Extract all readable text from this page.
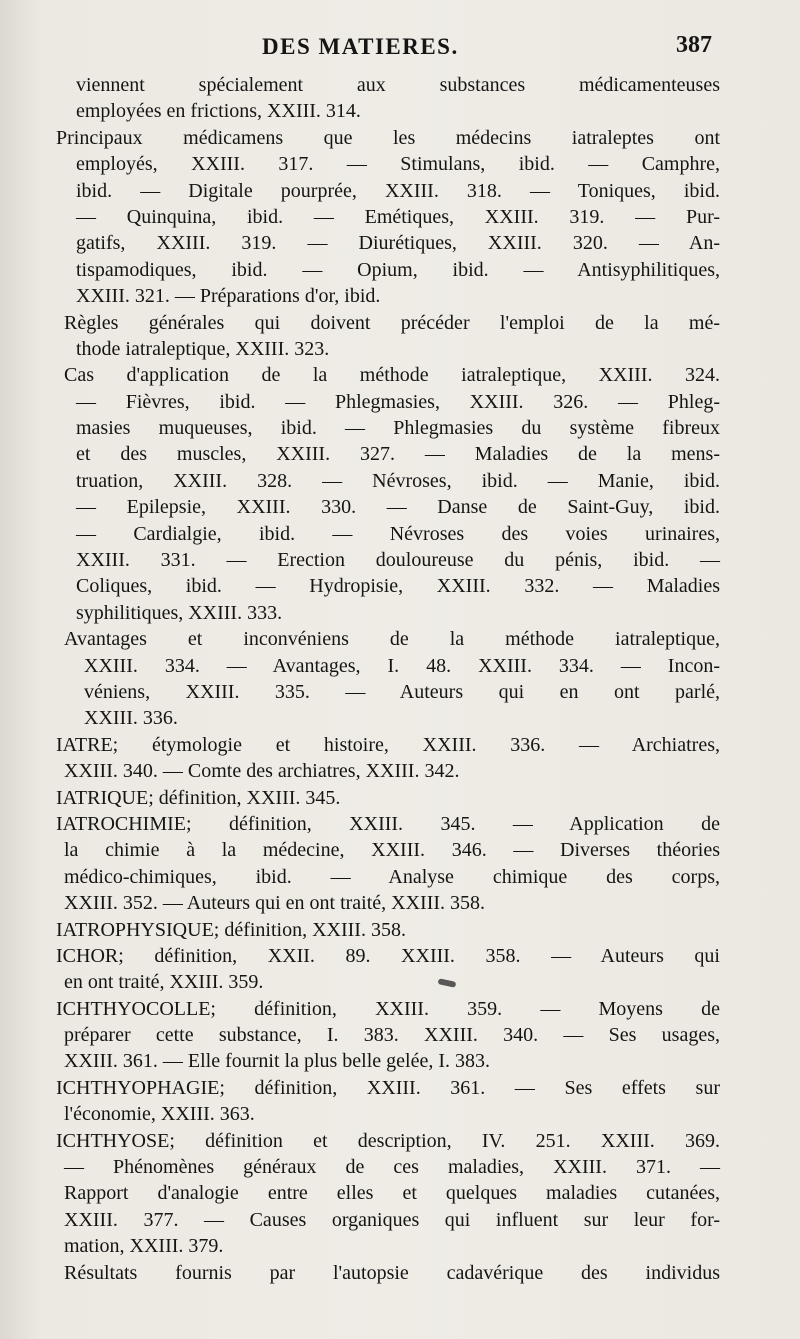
DES MATIERES.	387
viennent spécialement aux substances médicamenteuses
employées en frictions, XXIII. 314.
Principaux médicamens que les médecins iatraleptes ont
employés, XXIII. 317. — Stimulans, ibid. — Camphre,
ibid. — Digitale pourprée, XXIII. 318. — Toniques, ibid.
— Quinquina, ibid. — Emétiques, XXIII. 319. — Pur-
gatifs, XXIII. 319. — Diurétiques, XXIII. 320. — An-
tispamodiques, ibid. — Opium, ibid. — Antisyphilitiques,
XXIII. 321. — Préparations d'or, ibid.
Règles générales qui doivent précéder l'emploi de la mé-
thode iatraleptique, XXIII. 323.
Cas d'application de la méthode iatraleptique, XXIII. 324.
— Fièvres, ibid. — Phlegmasies, XXIII. 326. — Phleg-
masies muqueuses, ibid. — Phlegmasies du système fibreux
et des muscles, XXIII. 327. — Maladies de la mens-
truation, XXIII. 328. — Névroses, ibid. — Manie, ibid.
— Epilepsie, XXIII. 330. — Danse de Saint-Guy, ibid.
— Cardialgie, ibid. — Névroses des voies urinaires,
XXIII. 331. — Erection douloureuse du pénis, ibid. —
Coliques, ibid. — Hydropisie, XXIII. 332. — Maladies
syphilitiques, XXIII. 333.
Avantages et inconvéniens de la méthode iatraleptique,
XXIII. 334. — Avantages, I. 48. XXIII. 334. — Incon-
véniens, XXIII. 335. — Auteurs qui en ont parlé,
XXIII. 336.
IATRE; étymologie et histoire, XXIII. 336. — Archiatres,
XXIII. 340. — Comte des archiatres, XXIII. 342.
IATRIQUE; définition, XXIII. 345.
IATROCHIMIE; définition, XXIII. 345. — Application de
la chimie à la médecine, XXIII. 346. — Diverses théories
médico-chimiques, ibid. — Analyse chimique des corps,
XXIII. 352. — Auteurs qui en ont traité, XXIII. 358.
IATROPHYSIQUE; définition, XXIII. 358.
ICHOR; définition, XXII. 89. XXIII. 358. — Auteurs qui
en ont traité, XXIII. 359.
ICHTHYOCOLLE; définition, XXIII. 359. — Moyens de
préparer cette substance, I. 383. XXIII. 340. — Ses usages,
XXIII. 361. — Elle fournit la plus belle gelée, I. 383.
ICHTHYOPHAGIE; définition, XXIII. 361. — Ses effets sur
l'économie, XXIII. 363.
ICHTHYOSE; définition et description, IV. 251. XXIII. 369.
— Phénomènes généraux de ces maladies, XXIII. 371. —
Rapport d'analogie entre elles et quelques maladies cutanées,
XXIII. 377. — Causes organiques qui influent sur leur for-
mation, XXIII. 379.
Résultats fournis par l'autopsie cadavérique des individus
